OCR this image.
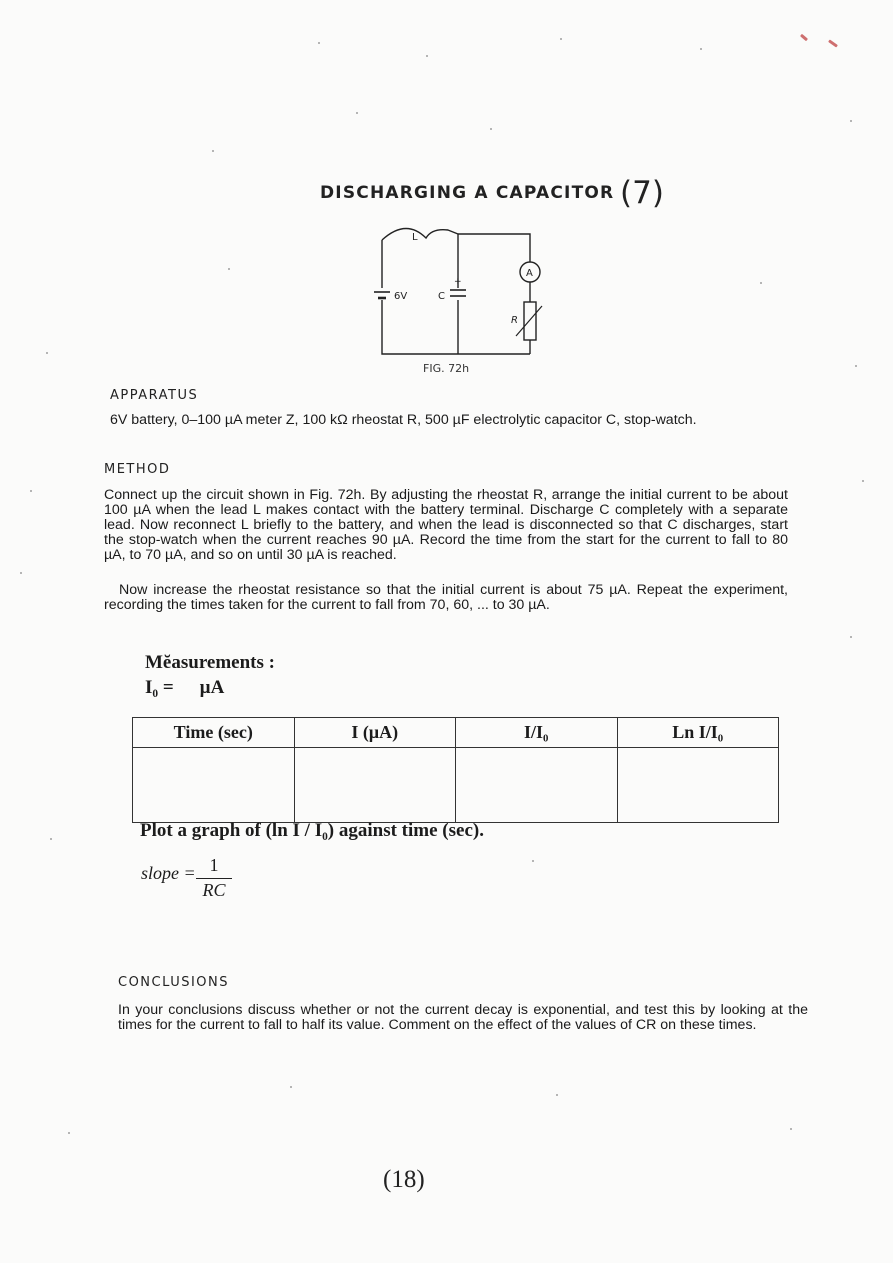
DISCHARGING A CAPACITOR (7)
+
A
L
6V	C
R
FIG. 72h
APPARATUS
6V battery, 0–100 µA meter Z, 100 kΩ rheostat R, 500 µF electrolytic capacitor C, stop-watch.
METHOD
Connect up the circuit shown in Fig. 72h. By adjusting the rheostat R, arrange the initial current to be about 100 µA when the lead L makes contact with the battery terminal. Discharge C completely with a separate lead. Now reconnect L briefly to the battery, and when the lead is disconnected so that C discharges, start the stop-watch when the current reaches 90 µA. Record the time from the start for the current to fall to 80 µA, to 70 µA, and so on until 30 µA is reached.
Now increase the rheostat resistance so that the initial current is about 75 µA. Repeat the experiment, recording the times taken for the current to fall from 70, 60, ... to 30 µA.
Mĕasurements :
I₀ = µA
Time (sec)	I (µA)	I/I₀	Ln I/I₀

Plot a graph of (ln I / I₀) against time (sec).
slope = $\frac{1}{RC}$
CONCLUSIONS
In your conclusions discuss whether or not the current decay is exponential, and test this by looking at the times for the current to fall to half its value. Comment on the effect of the values of CR on these times.
(18)
